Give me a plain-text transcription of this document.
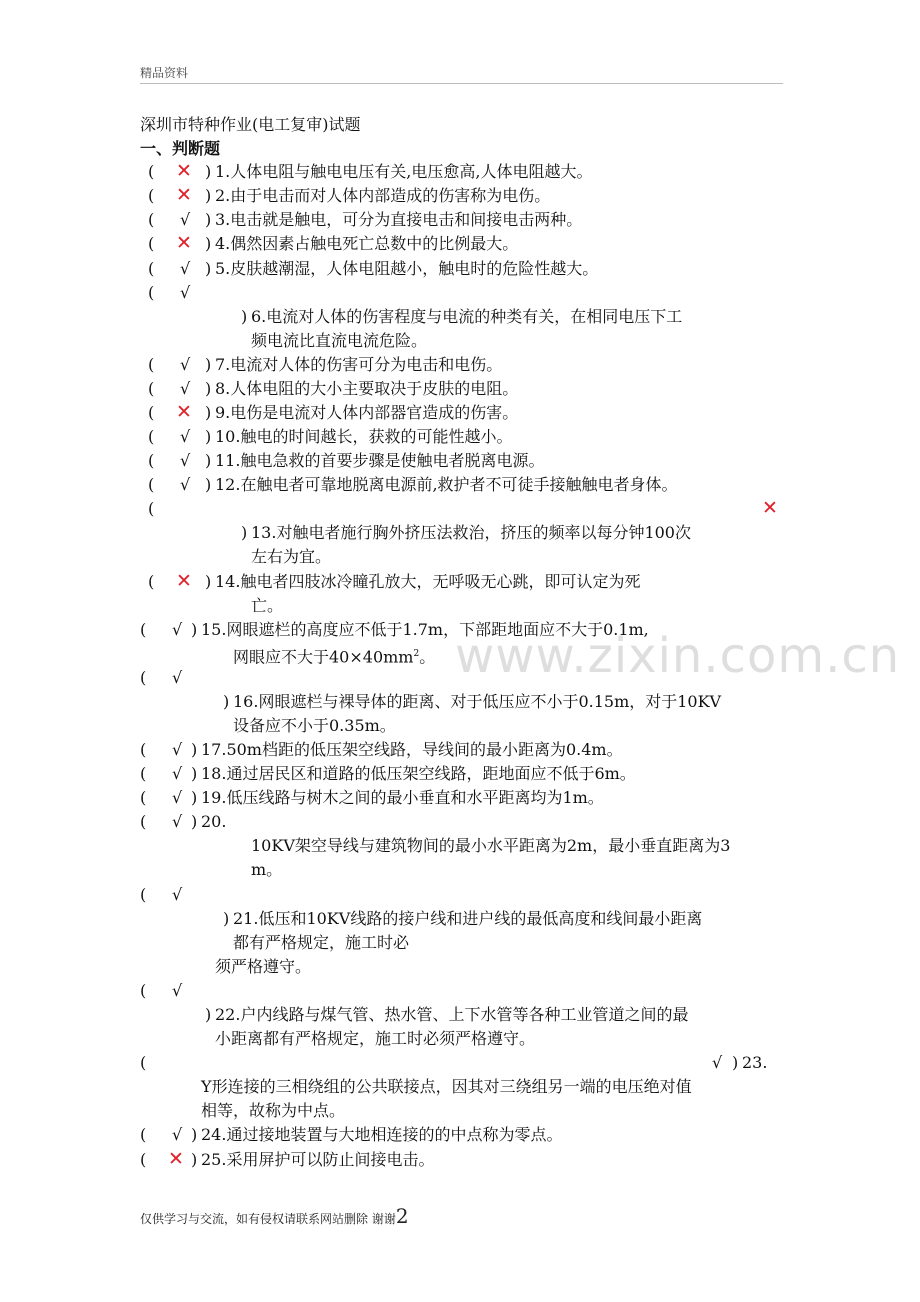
精品资料
www.zixin.com.cn
深圳市特种作业(电工复审)试题
一、判断题
( ✕ 1.人体电阻与触电电压有关,电压愈高,人体电阻越大。
( ✕ 2.由于电击而对人体内部造成的伤害称为电伤。
( √ 3.电击就是触电，可分为直接电击和间接电击两种。
( ✕ 4.偶然因素占触电死亡总数中的比例最大。
( √ 5.皮肤越潮湿，人体电阻越小，触电时的危险性越大。
( √
6.电流对人体的伤害程度与电流的种类有关，在相同电压下工
频电流比直流电流危险。
( √ 7.电流对人体的伤害可分为电击和电伤。
( √ 8.人体电阻的大小主要取决于皮肤的电阻。
( ✕ 9.电伤是电流对人体内部器官造成的伤害。
( √ 10.触电的时间越长，获救的可能性越小。
( √ 11.触电急救的首要步骤是使触电者脱离电源。
( √ 12.在触电者可靠地脱离电源前,救护者不可徒手接触触电者身体。
(	✕
13.对触电者施行胸外挤压法救治，挤压的频率以每分钟100次
左右为宜。
( ✕ 14.触电者四肢冰冷瞳孔放大，无呼吸无心跳，即可认定为死
亡。
( √ 15.网眼遮栏的高度应不低于1.7m，下部距地面应不大于0.1m,
网眼应不大于$40\times 40mm^2$。
( √
16.网眼遮栏与裸导体的距离、对于低压应不小于0.15m，对于10KV
设备应不小于0.35m。
( √ 17.50m档距的低压架空线路，导线间的最小距离为0.4m。
( √ 18.通过居民区和道路的低压架空线路，距地面应不低于6m。
( √ 19.低压线路与树木之间的最小垂直和水平距离均为1m。
( √ 20.
10KV架空导线与建筑物间的最小水平距离为2m，最小垂直距离为3
m。
( √
21.低压和10KV线路的接户线和进户线的最低高度和线间最小距离
都有严格规定，施工时必
须严格遵守。
( √
22.户内线路与煤气管、热水管、上下水管等各种工业管道之间的最
小距离都有严格规定，施工时必须严格遵守。
(	√ 23.
Y形连接的三相绕组的公共联接点，因其对三绕组另一端的电压绝对值
相等，故称为中点。
( √ 24.通过接地装置与大地相连接的的中点称为零点。
( ✕ 25.采用屏护可以防止间接电击。
仅供学习与交流，如有侵权请联系网站删除 谢谢2
)
)
)
)
)
)
)
)
)
)
)
)
)
)
)
)
)
)
)
)
)
)
)
)
)
